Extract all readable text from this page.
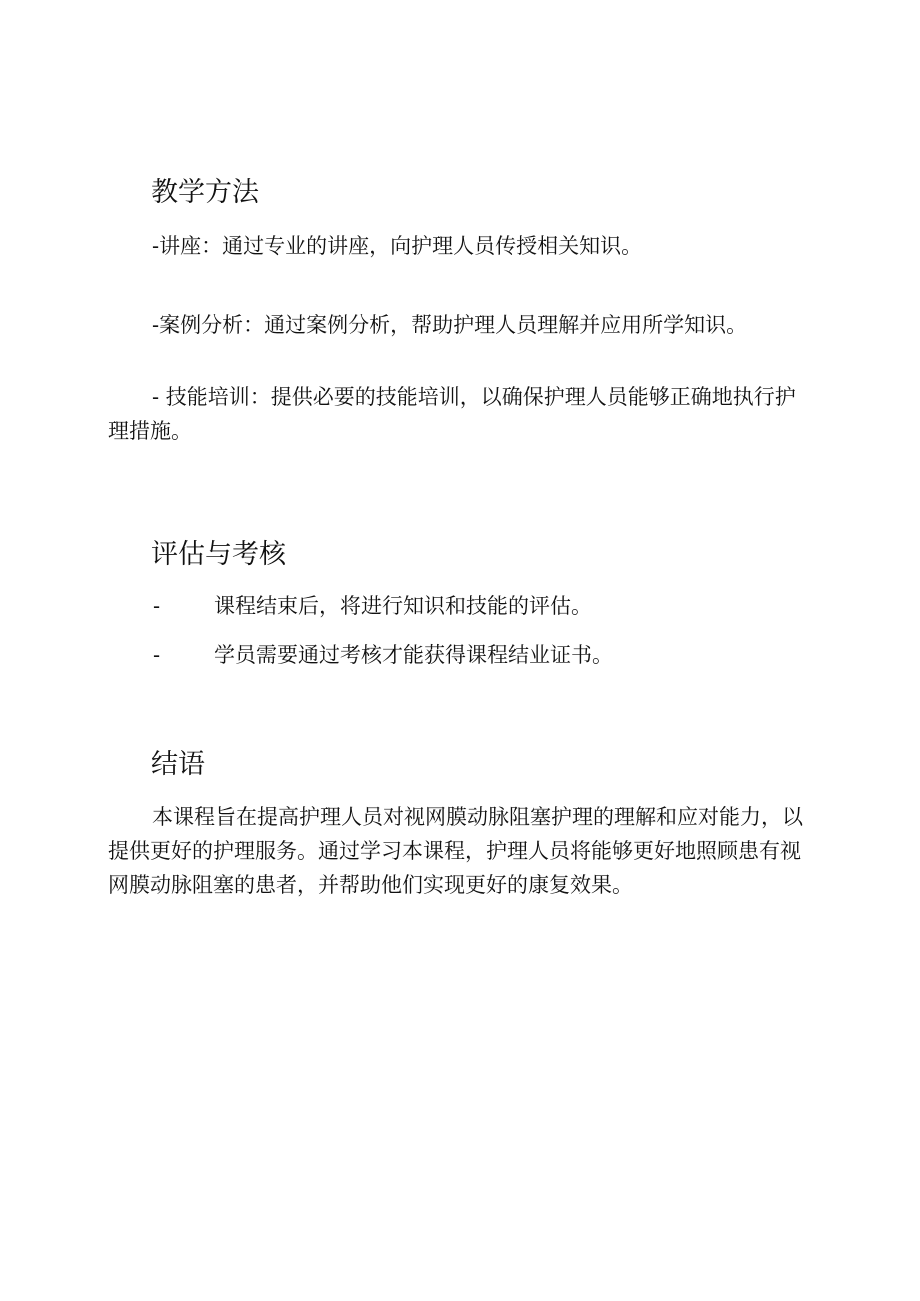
教学方法

-讲座：通过专业的讲座，向护理人员传授相关知识。

-案例分析：通过案例分析，帮助护理人员理解并应用所学知识。

- 技能培训：提供必要的技能培训，以确保护理人员能够正确地执行护理措施。

评估与考核
-	课程结束后，将进行知识和技能的评估。
-	学员需要通过考核才能获得课程结业证书。
结语

本课程旨在提高护理人员对视网膜动脉阻塞护理的理解和应对能力，以提供更好的护理服务。通过学习本课程，护理人员将能够更好地照顾患有视网膜动脉阻塞的患者，并帮助他们实现更好的康复效果。
